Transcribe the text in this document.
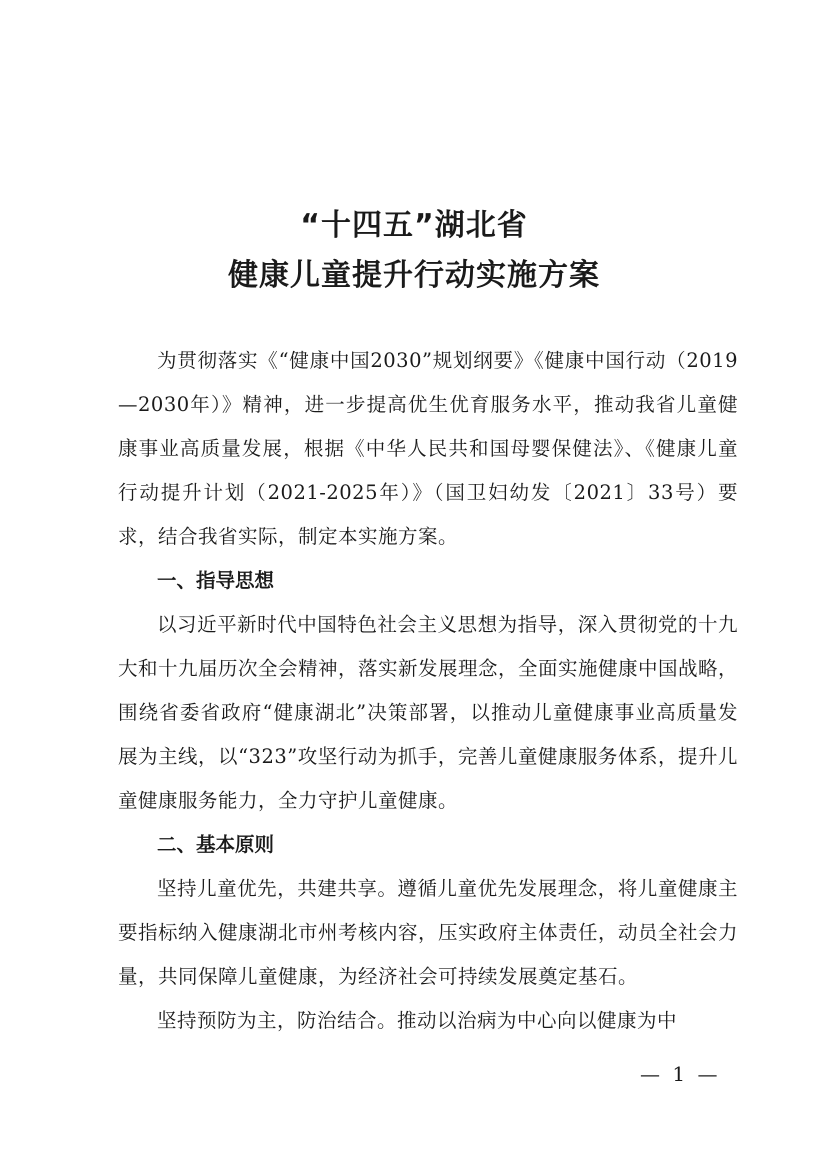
“十四五”湖北省
健康儿童提升行动实施方案

为贯彻落实《“健康中国2030”规划纲要》《健康中国行动（2019—2030年）》精神，进一步提高优生优育服务水平，推动我省儿童健康事业高质量发展，根据《中华人民共和国母婴保健法》、《健康儿童行动提升计划（2021-2025年）》（国卫妇幼发〔2021〕33号）要求，结合我省实际，制定本实施方案。

一、指导思想

以习近平新时代中国特色社会主义思想为指导，深入贯彻党的十九大和十九届历次全会精神，落实新发展理念，全面实施健康中国战略，围绕省委省政府“健康湖北”决策部署，以推动儿童健康事业高质量发展为主线，以“323”攻坚行动为抓手，完善儿童健康服务体系，提升儿童健康服务能力，全力守护儿童健康。

二、基本原则

坚持儿童优先，共建共享。遵循儿童优先发展理念，将儿童健康主要指标纳入健康湖北市州考核内容，压实政府主体责任，动员全社会力量，共同保障儿童健康，为经济社会可持续发展奠定基石。

坚持预防为主，防治结合。推动以治病为中心向以健康为中

— 1 —
